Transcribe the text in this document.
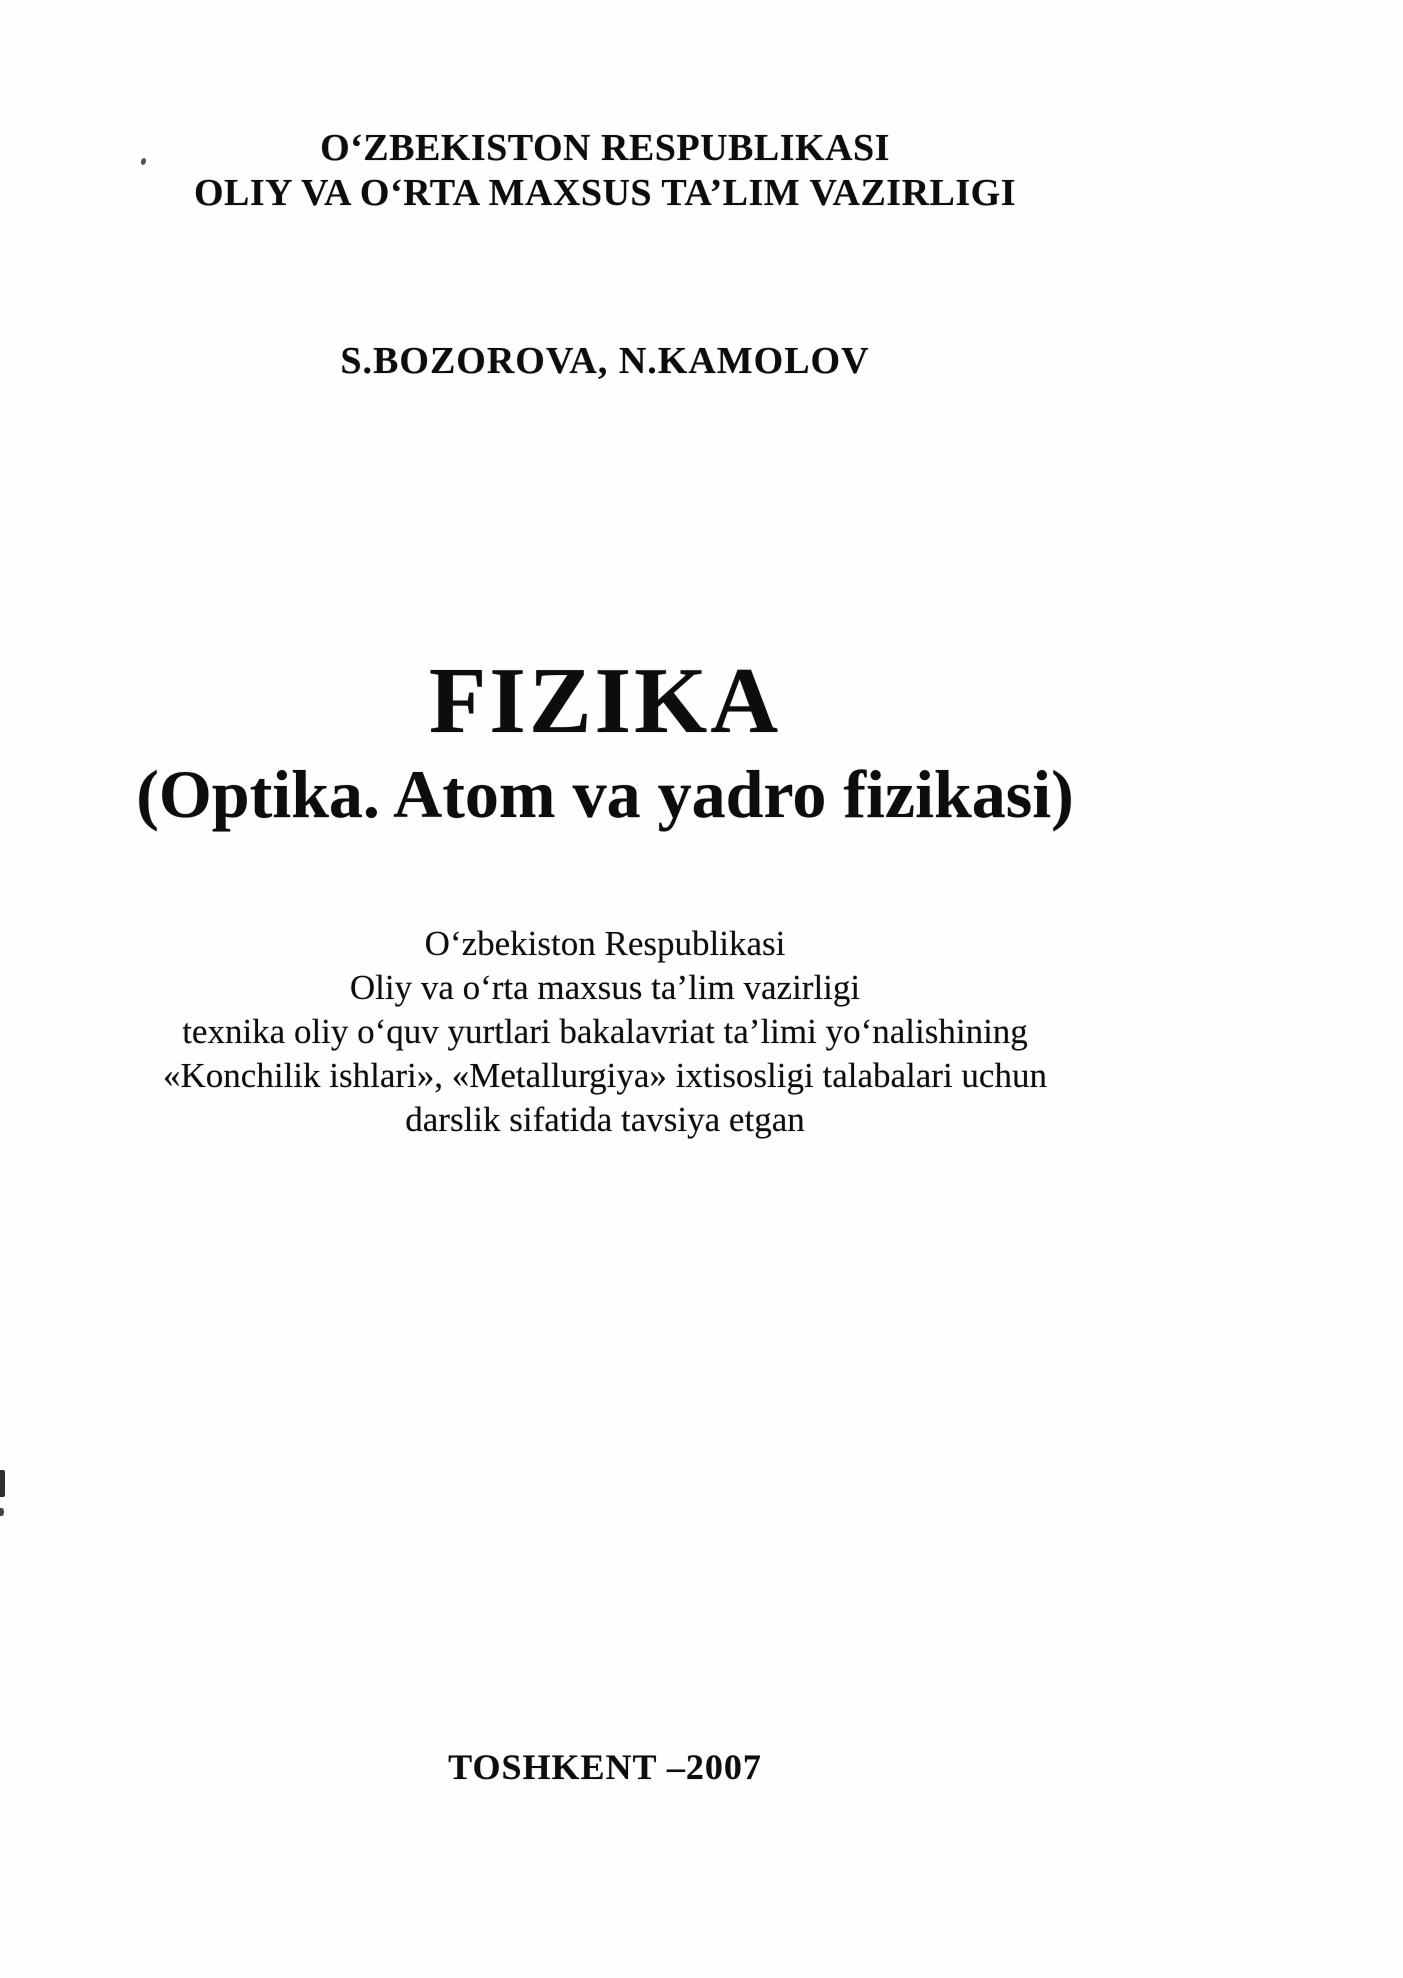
O‘ZBEKISTON RESPUBLIKASI
OLIY VA O‘RTA MAXSUS TA’LIM VAZIRLIGI
S.BOZOROVA, N.KAMOLOV
FIZIKA
(Optika. Atom va yadro fizikasi)
O‘zbekiston Respublikasi
Oliy va o‘rta maxsus ta’lim vazirligi
texnika oliy o‘quv yurtlari bakalavriat ta’limi yo‘nalishining
«Konchilik ishlari», «Metallurgiya» ixtisosligi talabalari uchun
darslik sifatida tavsiya etgan
TOSHKENT –2007
